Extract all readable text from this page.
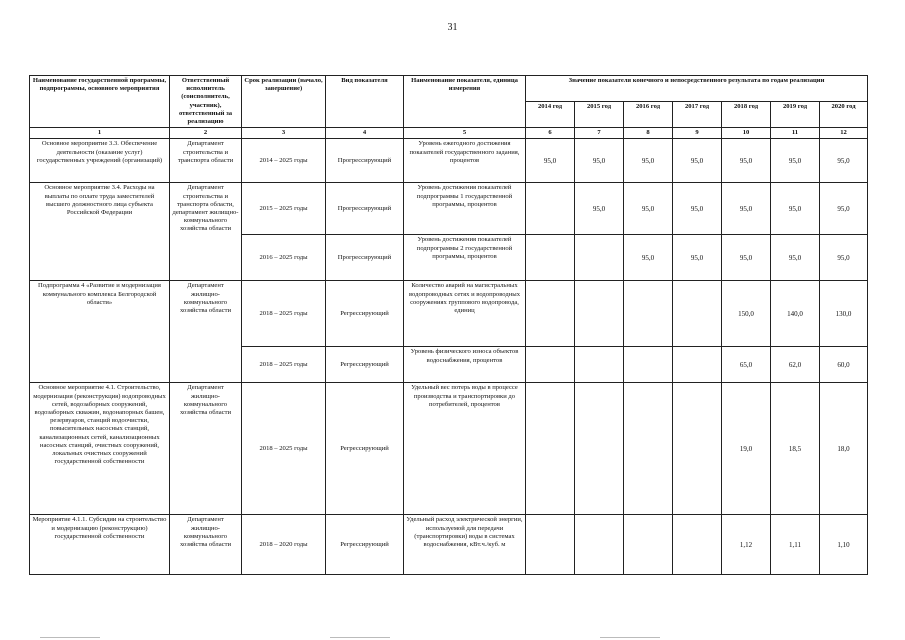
31
Наименование государственной программы, подпрограммы, основного мероприятия	Ответственный исполнитель (соисполнитель, участник), ответственный за реализацию	Срок реализации (начало, завершение)	Вид показателя	Наименование показателя, единица измерения	Значение показателя конечного и непосредственного результата по годам реализации						
					2014 год	2015 год	2016 год	2017 год	2018 год	2019 год	2020 год
1	2	3	4	5	6	7	8	9	10	11	12
Основное мероприятие 3.3. Обеспечение деятельности (оказание услуг) государственных учреждений (организаций)	Департамент строительства и транспорта области	2014 – 2025 годы	Прогрессирующий	Уровень ежегодного достижения показателей государственного задания, процентов	95,0	95,0	95,0	95,0	95,0	95,0	95,0
Основное мероприятие 3.4. Расходы на выплаты по оплате труда заместителей высшего должностного лица субъекта Российской Федерации	Департамент строительства и транспорта области, департамент жилищно-коммунального хозяйства области	2015 – 2025 годы	Прогрессирующий	Уровень достижения показателей подпрограммы 1 государственной программы, процентов		95,0	95,0	95,0	95,0	95,0	95,0
		2016 – 2025 годы	Прогрессирующий	Уровень достижения показателей подпрограммы 2 государственной программы, процентов			95,0	95,0	95,0	95,0	95,0
Подпрограмма 4 «Развитие и модернизация коммунального комплекса Белгородской области»	Департамент жилищно-коммунального хозяйства области	2018 – 2025 годы	Регрессирующий	Количество аварий на магистральных водопроводных сетях и водопроводных сооружениях группового водопровода, единиц					150,0	140,0	130,0
		2018 – 2025 годы	Регрессирующий	Уровень физического износа объектов водоснабжения, процентов					65,0	62,0	60,0
Основное мероприятие 4.1. Строительство, модернизация (реконструкция) водопроводных сетей, водозаборных сооружений, водозаборных скважин, водонапорных башен, резервуаров, станций водоочистки, повысительных насосных станций, канализационных сетей, канализационных насосных станций, очистных сооружений, локальных очистных сооружений государственной собственности	Департамент жилищно-коммунального хозяйства области	2018 – 2025 годы	Регрессирующий	Удельный вес потерь воды в процессе производства и транспортировки до потребителей, процентов					19,0	18,5	18,0
Мероприятие 4.1.1. Субсидии на строительство и модернизацию (реконструкцию) государственной собственности	Департамент жилищно-коммунального хозяйства области	2018 – 2020 годы	Регрессирующий	Удельный расход электрической энергии, используемой для передачи (транспортировки) воды в системах водоснабжения, кВт.ч./куб. м					1,12	1,11	1,10
